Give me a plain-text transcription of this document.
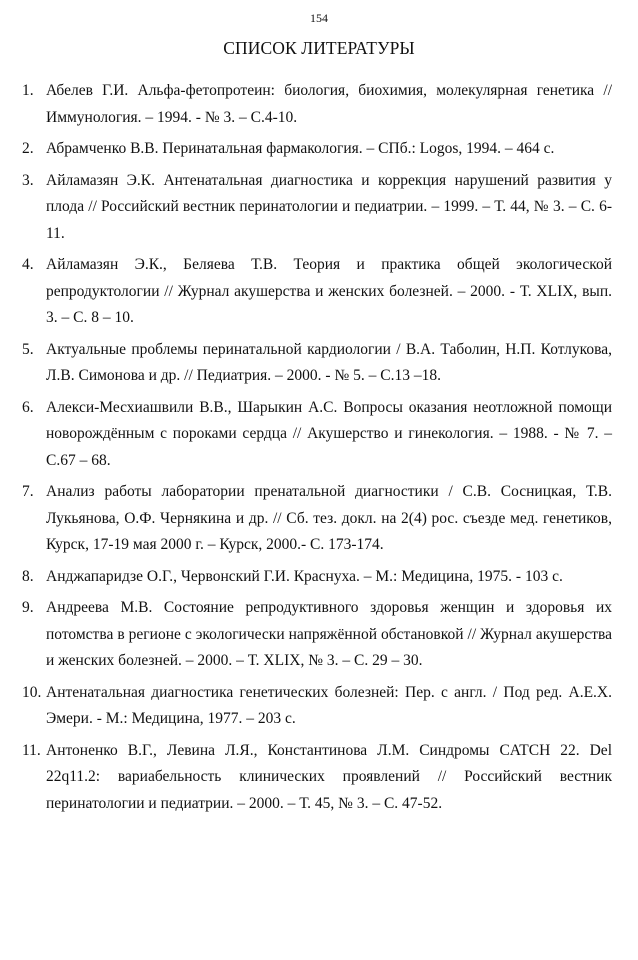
154
СПИСОК ЛИТЕРАТУРЫ
1. Абелев Г.И. Альфа-фетопротеин: биология, биохимия, молекулярная генетика // Иммунология. – 1994. - № 3. – С.4-10.
2. Абрамченко В.В. Перинатальная фармакология. – СПб.: Logos, 1994. – 464 с.
3. Айламазян Э.К. Антенатальная диагностика и коррекция нарушений развития у плода // Российский вестник перинатологии и педиатрии. – 1999. – Т. 44, № 3. – С. 6-11.
4. Айламазян Э.К., Беляева Т.В. Теория и практика общей экологической репродуктологии // Журнал акушерства и женских болезней. – 2000. - Т. XLIX, вып. 3. – С. 8 – 10.
5. Актуальные проблемы перинатальной кардиологии / В.А. Таболин, Н.П. Котлукова, Л.В. Симонова и др. // Педиатрия. – 2000. - № 5. – С.13 –18.
6. Алекси-Месхиашвили В.В., Шарыкин А.С. Вопросы оказания неотложной помощи новорождённым с пороками сердца // Акушерство и гинекология. – 1988. - № 7. – С.67 – 68.
7. Анализ работы лаборатории пренатальной диагностики / С.В. Сосницкая, Т.В. Лукьянова, О.Ф. Чернякина и др. // Сб. тез. докл. на 2(4) рос. съезде мед. генетиков, Курск, 17-19 мая 2000 г. – Курск, 2000.- С. 173-174.
8. Анджапаридзе О.Г., Червонский Г.И. Краснуха. – М.: Медицина, 1975. - 103 с.
9. Андреева М.В. Состояние репродуктивного здоровья женщин и здоровья их потомства в регионе с экологически напряжённой обстановкой // Журнал акушерства и женских болезней. – 2000. – Т. XLIX, № 3. – С. 29 – 30.
10. Антенатальная диагностика генетических болезней: Пер. с англ. / Под ред. А.Е.Х. Эмери. - М.: Медицина, 1977. – 203 с.
11. Антоненко В.Г., Левина Л.Я., Константинова Л.М. Синдромы CATCH 22. Del 22q11.2: вариабельность клинических проявлений // Российский вестник перинатологии и педиатрии. – 2000. – Т. 45, № 3. – С. 47-52.
